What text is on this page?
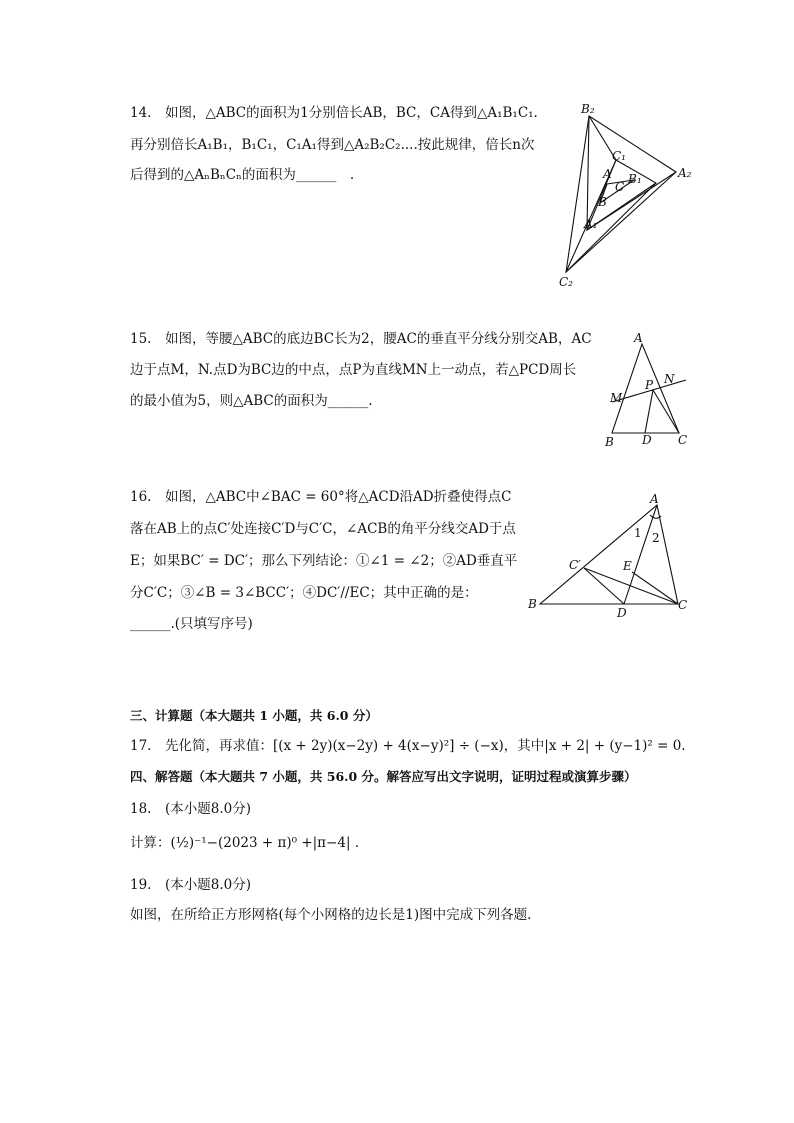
14.　如图，△ABC的面积为1分别倍长AB，BC，CA得到△A₁B₁C₁.
再分别倍长A₁B₁，B₁C₁，C₁A₁得到△A₂B₂C₂....按此规律，倍长n次
后得到的△AₙBₙCₙ的面积为______　.
B₂
C₁
B₁	A₂
A
C
B
A₁
C₂
15.　如图，等腰△ABC的底边BC长为2，腰AC的垂直平分线分别交AB，AC
边于点M，N.点D为BC边的中点，点P为直线MN上一动点，若△PCD周长
的最小值为5，则△ABC的面积为______.
A
N
P
M
B D C
16.　如图，△ABC中∠BAC = 60°将△ACD沿AD折叠使得点C
落在AB上的点C′处连接C′D与C′C，∠ACB的角平分线交AD于点
E；如果BC′ = DC′；那么下列结论：①∠1 = ∠2；②AD垂直平
分C′C；③∠B = 3∠BCC′；④DC′//EC；其中正确的是：
______.(只填写序号)
1 2
A
C′	E
B
D
C
三、计算题（本大题共 1 小题，共 6.0 分）
17.　先化简，再求值：[(x + 2y)(x−2y) + 4(x−y)²] ÷ (−x)，其中|x + 2| + (y−1)² = 0.
四、解答题（本大题共 7 小题，共 56.0 分。解答应写出文字说明，证明过程或演算步骤）
18.　(本小题8.0分)
计算：(½)⁻¹−(2023 + π)⁰ +|π−4| .
19.　(本小题8.0分)
如图，在所给正方形网格(每个小网格的边长是1)图中完成下列各题.
